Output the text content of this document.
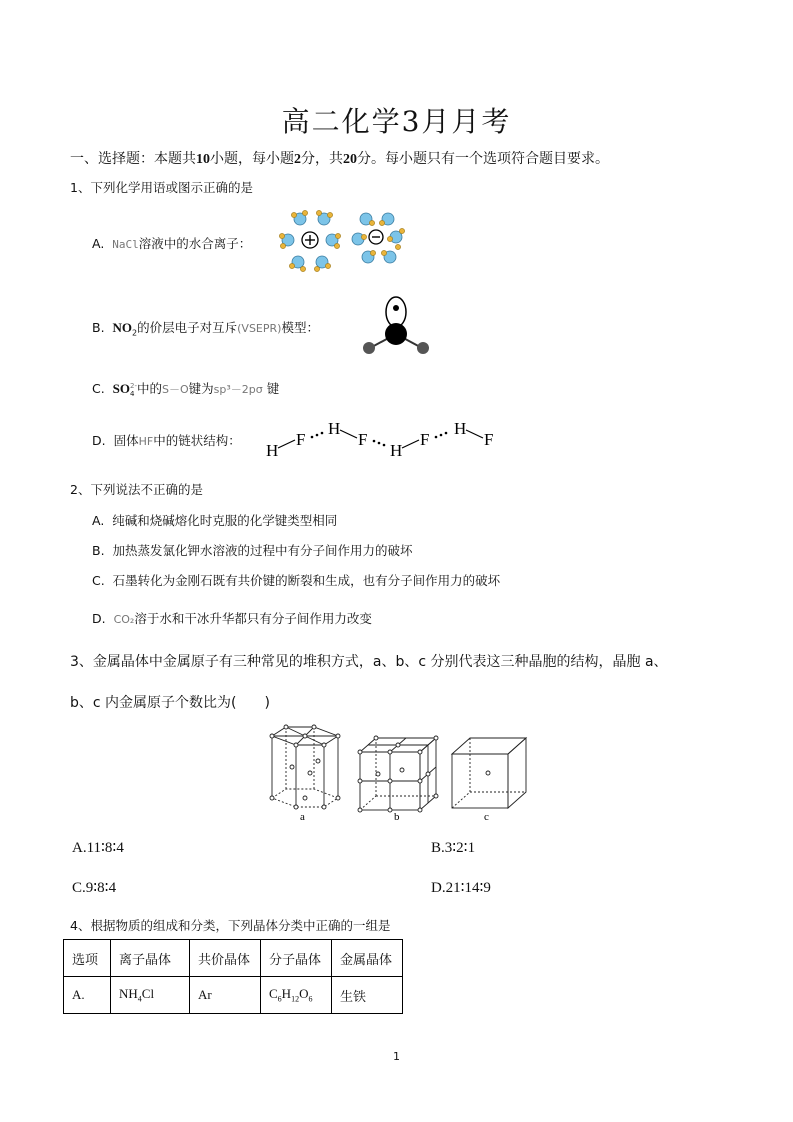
高二化学3月月考
一、选择题：本题共10小题，每小题2分，共20分。每小题只有一个选项符合题目要求。
1、下列化学用语或图示正确的是
A. NaCl溶液中的水合离子：
B. $NO_2$的价层电子对互斥(VSEPR)模型：
C. SO2-
4 中的S－O键为sp³－2pσ 键
D. 固体HF中的链状结构：
H
F
H
F
H
F
H
F
2、下列说法不正确的是
A. 纯碱和烧碱熔化时克服的化学键类型相同
B. 加热蒸发氯化钾水溶液的过程中有分子间作用力的破坏
C. 石墨转化为金刚石既有共价键的断裂和生成，也有分子间作用力的破坏
D. CO₂溶于水和干冰升华都只有分子间作用力改变
3、金属晶体中金属原子有三种常见的堆积方式，a、b、c 分别代表这三种晶胞的结构，晶胞 a、
b、c 内金属原子个数比为(　　)
a	b	c
A.11∶8∶4	B.3∶2∶1
C.9∶8∶4	D.21∶14∶9
4、根据物质的组成和分类，下列晶体分类中正确的一组是
选项	离子晶体	共价晶体	分子晶体	金属晶体
A.	$NH_4Cl$	Ar	$C_6H_{12}O_6$	生铁
1
